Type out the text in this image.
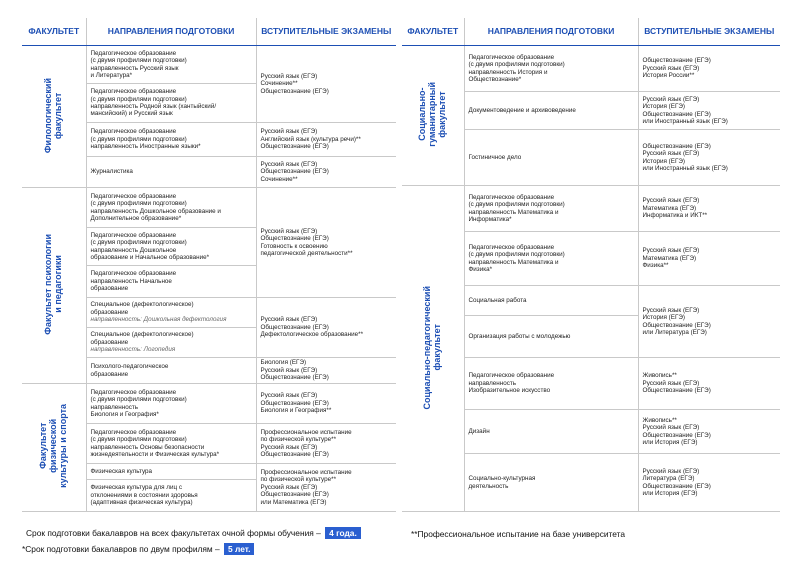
ФАКУЛЬТЕТ	НАПРАВЛЕНИЯ ПОДГОТОВКИ	ВСТУПИТЕЛЬНЫЕ ЭКЗАМЕНЫ
Филологический
факультет	Педагогическое образование
(с двумя профилями подготовки)
направленность Русский язык
и Литература*	Русский язык (ЕГЭ)
Сочинение**
Обществознание (ЕГЭ)
	Педагогическое образование
(с двумя профилями подготовки)
направленность Родной язык (хантыйский/
мансийский) и Русский язык	
	Педагогическое образование
(с двумя профилями подготовки)
направленность Иностранные языки*	Русский язык (ЕГЭ)
Английский язык (культура речи)**
Обществознание (ЕГЭ)
	Журналистика	Русский язык (ЕГЭ)
Обществознание (ЕГЭ)
Сочинение**
Факультет психологии
и педагогики	Педагогическое образование
(с двумя профилями подготовки)
направленность Дошкольное образование и
Дополнительное образование*	Русский язык (ЕГЭ)
Обществознание (ЕГЭ)
Готовность к освоению
педагогической деятельности**
	Педагогическое образование
(с двумя профилями подготовки)
направленность Дошкольное
образование и Начальное образование*	
	Педагогическое образование
направленность Начальное
образование	
	Специальное (дефектологическое)
образование
направленность: Дошкольная дефектология	Русский язык (ЕГЭ)
Обществознание (ЕГЭ)
Дефектологическое образование**
	Специальное (дефектологическое)
образование
направленность: Логопедия	
	Психолого-педагогическое
образование	Биология (ЕГЭ)
Русский язык (ЕГЭ)
Обществознание (ЕГЭ)
Факультет
физической
культуры и спорта	Педагогическое образование
(с двумя профилями подготовки)
направленность
Биология и География*	Русский язык (ЕГЭ)
Обществознание (ЕГЭ)
Биология и География**
	Педагогическое образование
(с двумя профилями подготовки)
направленность Основы безопасности
жизнедеятельности и Физическая культура*	Профессиональное испытание
по физической культуре**
Русский язык (ЕГЭ)
Обществознание (ЕГЭ)
	Физическая культура	Профессиональное испытание
по физической культуре**
Русский язык (ЕГЭ)
Обществознание (ЕГЭ)
или Математика (ЕГЭ)
	Физическая культура для лиц с
отклонениями в состоянии здоровья
(адаптивная физическая культура)	
ФАКУЛЬТЕТ	НАПРАВЛЕНИЯ ПОДГОТОВКИ	ВСТУПИТЕЛЬНЫЕ ЭКЗАМЕНЫ
Социально-
гуманитарный
факультет	Педагогическое образование
(с двумя профилями подготовки)
направленность История и
Обществознание*	Обществознание (ЕГЭ)
Русский язык (ЕГЭ)
История России**
	Документоведение и архивоведение	Русский язык (ЕГЭ)
История (ЕГЭ)
Обществознание (ЕГЭ)
или Иностранный язык (ЕГЭ)
	Гостиничное дело	Обществознание (ЕГЭ)
Русский язык (ЕГЭ)
История (ЕГЭ)
или Иностранный язык (ЕГЭ)
Социально-педагогический
факультет	Педагогическое образование
(с двумя профилями подготовки)
направленность Математика и
Информатика*	Русский язык (ЕГЭ)
Математика (ЕГЭ)
Информатика и ИКТ**
	Педагогическое образование
(с двумя профилями подготовки)
направленность Математика и
Физика*	Русский язык (ЕГЭ)
Математика (ЕГЭ)
Физика**
	Социальная работа	Русский язык (ЕГЭ)
История (ЕГЭ)
Обществознание (ЕГЭ)
или Литература (ЕГЭ)
	Организация работы с молодежью	
	Педагогическое образование
направленность
Изобразительное искусство	Живопись**
Русский язык (ЕГЭ)
Обществознание (ЕГЭ)
	Дизайн	Живопись**
Русский язык (ЕГЭ)
Обществознание (ЕГЭ)
или История (ЕГЭ)
	Социально-культурная
деятельность	Русский язык (ЕГЭ)
Литература (ЕГЭ)
Обществознание (ЕГЭ)
или История (ЕГЭ)
Срок подготовки бакалавров на всех факультетах очной формы обучения – 4 года.
*Срок подготовки бакалавров по двум профилям – 5 лет.
**Профессиональное испытание на базе университета
